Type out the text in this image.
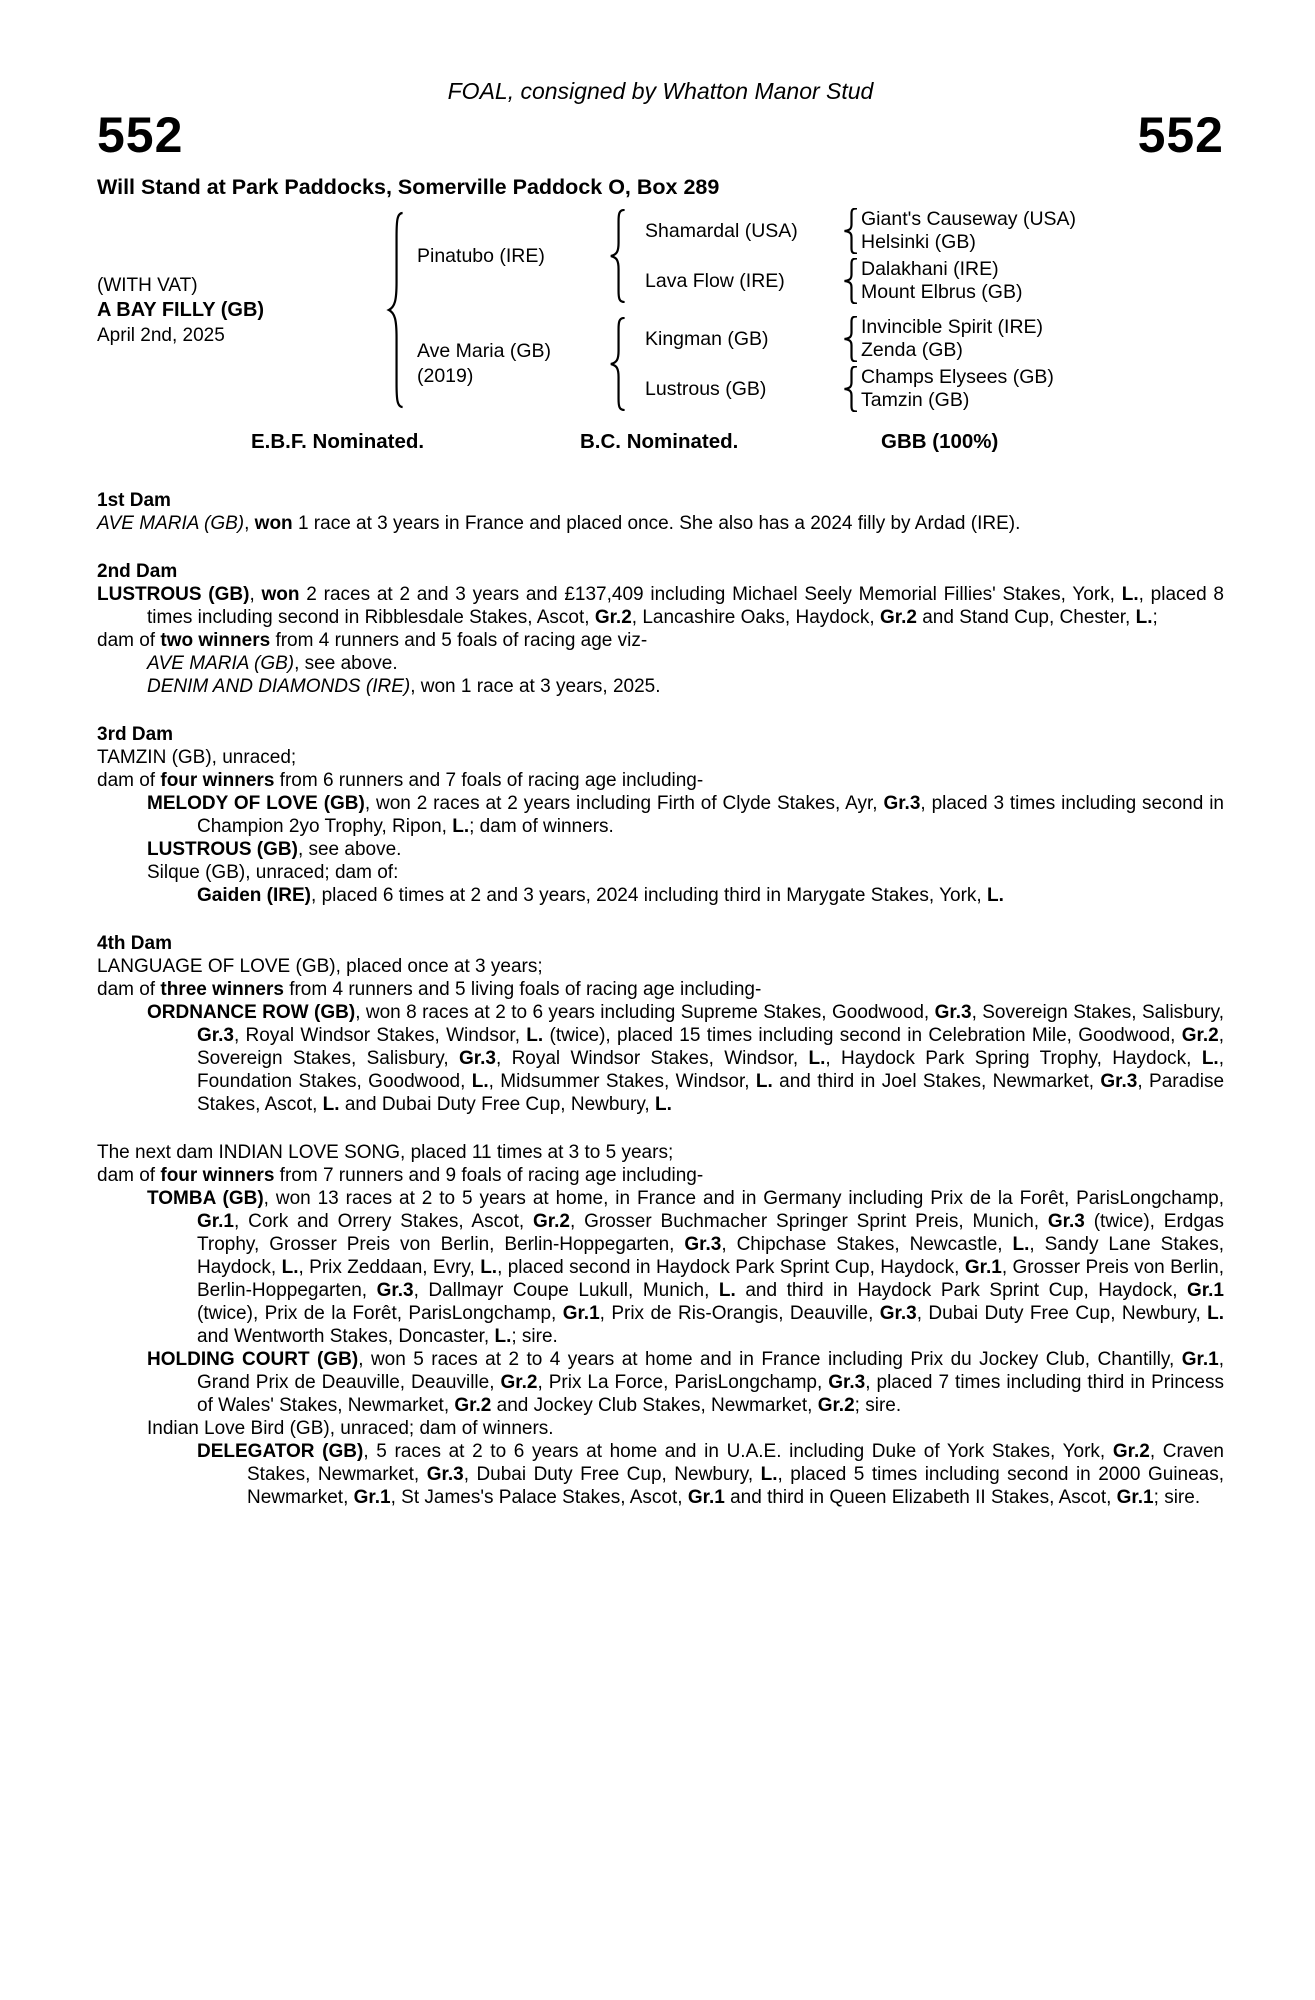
FOAL, consigned by Whatton Manor Stud
552	552
Will Stand at Park Paddocks, Somerville Paddock O, Box 289
(WITH VAT)
A BAY FILLY (GB)
April 2nd, 2025
Pinatubo (IRE)
Shamardal (USA)
Giant's Causeway (USA)
Helsinki (GB)
Lava Flow (IRE)
Dalakhani (IRE)
Mount Elbrus (GB)
Ave Maria (GB)
(2019)
Kingman (GB)
Invincible Spirit (IRE)
Zenda (GB)
Lustrous (GB)
Champs Elysees (GB)
Tamzin (GB)
E.B.F. Nominated.	B.C. Nominated.	GBB (100%)
1st Dam
AVE MARIA (GB), won 1 race at 3 years in France and placed once. She also has a 2024 filly by Ardad (IRE).
2nd Dam
LUSTROUS (GB), won 2 races at 2 and 3 years and £137,409 including Michael Seely Memorial Fillies' Stakes, York, L., placed 8 times including second in Ribblesdale Stakes, Ascot, Gr.2, Lancashire Oaks, Haydock, Gr.2 and Stand Cup, Chester, L.;
dam of two winners from 4 runners and 5 foals of racing age viz-
AVE MARIA (GB), see above.
DENIM AND DIAMONDS (IRE), won 1 race at 3 years, 2025.
3rd Dam
TAMZIN (GB), unraced;
dam of four winners from 6 runners and 7 foals of racing age including-
MELODY OF LOVE (GB), won 2 races at 2 years including Firth of Clyde Stakes, Ayr, Gr.3, placed 3 times including second in Champion 2yo Trophy, Ripon, L.; dam of winners.
LUSTROUS (GB), see above.
Silque (GB), unraced; dam of:
Gaiden (IRE), placed 6 times at 2 and 3 years, 2024 including third in Marygate Stakes, York, L.
4th Dam
LANGUAGE OF LOVE (GB), placed once at 3 years;
dam of three winners from 4 runners and 5 living foals of racing age including-
ORDNANCE ROW (GB), won 8 races at 2 to 6 years including Supreme Stakes, Goodwood, Gr.3, Sovereign Stakes, Salisbury, Gr.3, Royal Windsor Stakes, Windsor, L. (twice), placed 15 times including second in Celebration Mile, Goodwood, Gr.2, Sovereign Stakes, Salisbury, Gr.3, Royal Windsor Stakes, Windsor, L., Haydock Park Spring Trophy, Haydock, L., Foundation Stakes, Goodwood, L., Midsummer Stakes, Windsor, L. and third in Joel Stakes, Newmarket, Gr.3, Paradise Stakes, Ascot, L. and Dubai Duty Free Cup, Newbury, L.
The next dam INDIAN LOVE SONG, placed 11 times at 3 to 5 years;
dam of four winners from 7 runners and 9 foals of racing age including-
TOMBA (GB), won 13 races at 2 to 5 years at home, in France and in Germany including Prix de la Forêt, ParisLongchamp, Gr.1, Cork and Orrery Stakes, Ascot, Gr.2, Grosser Buchmacher Springer Sprint Preis, Munich, Gr.3 (twice), Erdgas Trophy, Grosser Preis von Berlin, Berlin-Hoppegarten, Gr.3, Chipchase Stakes, Newcastle, L., Sandy Lane Stakes, Haydock, L., Prix Zeddaan, Evry, L., placed second in Haydock Park Sprint Cup, Haydock, Gr.1, Grosser Preis von Berlin, Berlin-Hoppegarten, Gr.3, Dallmayr Coupe Lukull, Munich, L. and third in Haydock Park Sprint Cup, Haydock, Gr.1 (twice), Prix de la Forêt, ParisLongchamp, Gr.1, Prix de Ris-Orangis, Deauville, Gr.3, Dubai Duty Free Cup, Newbury, L. and Wentworth Stakes, Doncaster, L.; sire.
HOLDING COURT (GB), won 5 races at 2 to 4 years at home and in France including Prix du Jockey Club, Chantilly, Gr.1, Grand Prix de Deauville, Deauville, Gr.2, Prix La Force, ParisLongchamp, Gr.3, placed 7 times including third in Princess of Wales' Stakes, Newmarket, Gr.2 and Jockey Club Stakes, Newmarket, Gr.2; sire.
Indian Love Bird (GB), unraced; dam of winners.
DELEGATOR (GB), 5 races at 2 to 6 years at home and in U.A.E. including Duke of York Stakes, York, Gr.2, Craven Stakes, Newmarket, Gr.3, Dubai Duty Free Cup, Newbury, L., placed 5 times including second in 2000 Guineas, Newmarket, Gr.1, St James's Palace Stakes, Ascot, Gr.1 and third in Queen Elizabeth II Stakes, Ascot, Gr.1; sire.
